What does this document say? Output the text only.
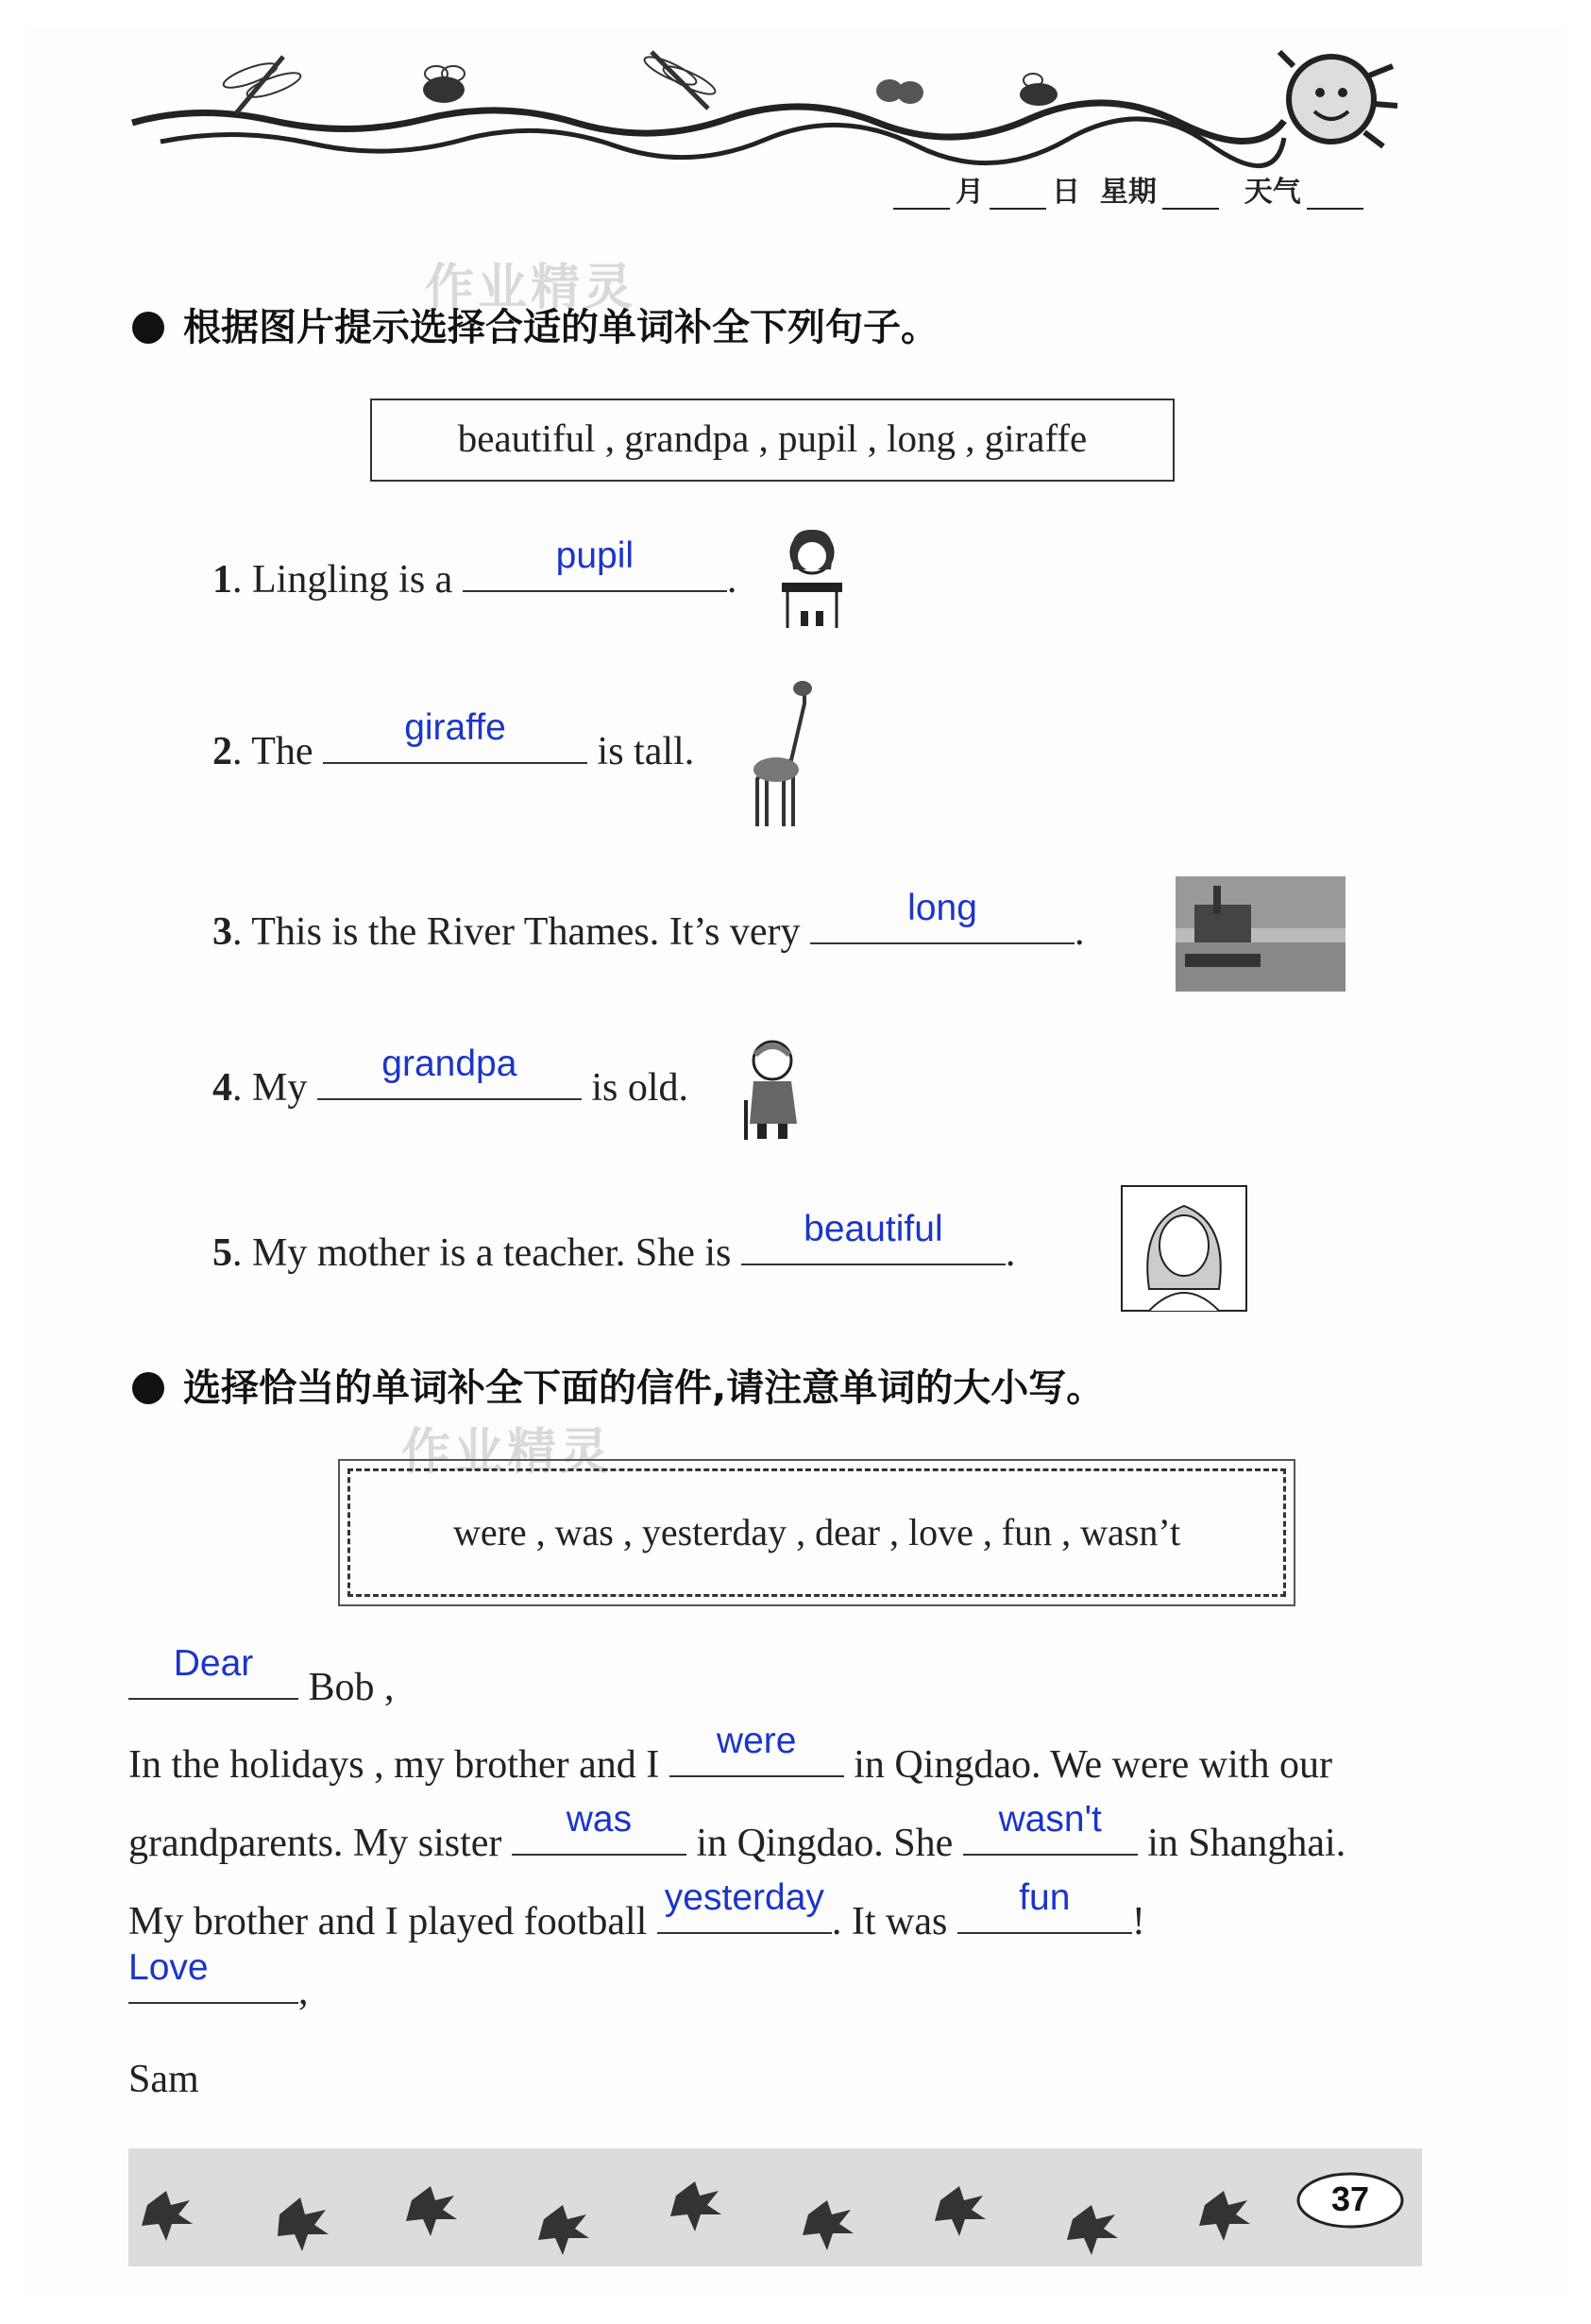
月 日 星期	天气
作业精灵
作业精灵
根据图片提示选择合适的单词补全下列句子。
beautiful , grandpa , pupil , long , giraffe
1. Lingling is a
pupil
.
2. The
giraffe
is tall.
3. This is the River Thames. It’s very
long
.
4. My
grandpa
is old.
5. My mother is a teacher. She is
beautiful
.
选择恰当的单词补全下面的信件,请注意单词的大小写。
were , was , yesterday , dear , love , fun , wasn’t
Dear
Bob ,
In the holidays , my brother and I
were
in Qingdao. We were with our
grandparents. My sister
was
in Qingdao. She
wasn't
in Shanghai.
My brother and I played football
yesterday
. It was
fun
!
Love
,
Sam
37
